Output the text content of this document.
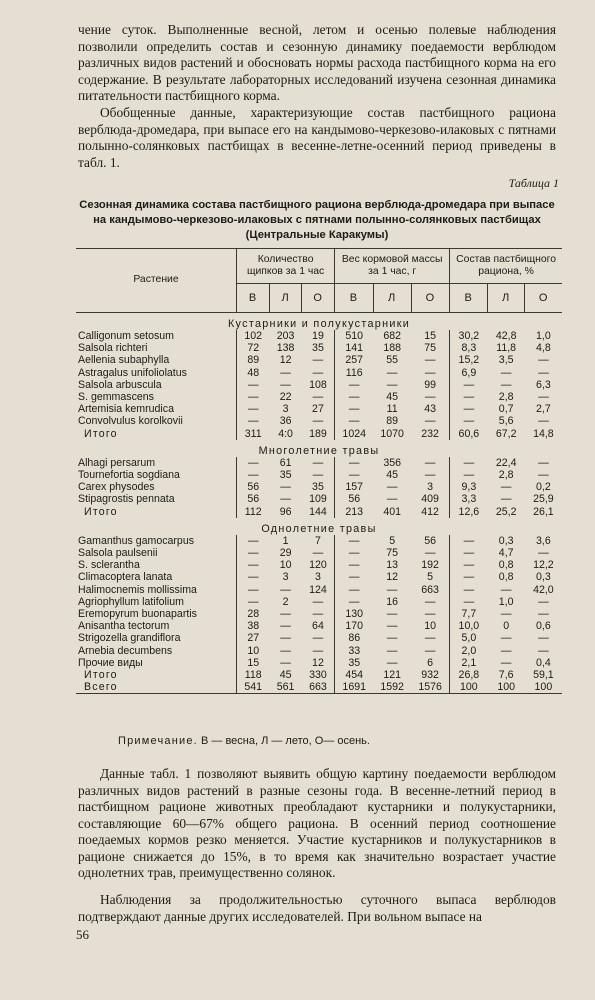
чение суток. Выполненные весной, летом и осенью полевые наблюдения позволили определить состав и сезонную динамику поедаемости верблюдом различных видов растений и обосновать нормы расхода пастбищного корма на его содержание. В результате лабораторных исследований изучена сезонная динамика питательности пастбищного корма.
Обобщенные данные, характеризующие состав пастбищного рациона верблюда-дромедара, при выпасе его на кандымово-черкезово-илаковых с пятнами полынно-солянковых пастбищах в весенне-летне-осенний период приведены в табл. 1.
Таблица 1
Сезонная динамика состава пастбищного рациона верблюда-дромедара при выпасе на кандымово-черкезово-илаковых с пятнами полынно-солянковых пастбищах
(Центральные Каракумы)
Растение	Количество щипков за 1 час			Вес кормовой массы за 1 час, г			Состав пастбищного рациона, %		
	В	Л	О	В	Л	О	В	Л	О
Кустарники и полукустарники									
Calligonum setosum	102	203	19	510	682	15	30,2	42,8	1,0
Salsola richteri	72	138	35	141	188	75	8,3	11,8	4,8
Aellenia subaphylla	89	12	—	257	55	—	15,2	3,5	—
Astragalus unifoliolatus	48	—	—	116	—	—	6,9	—	—
Salsola arbuscula	—	—	108	—	—	99	—	—	6,3
S. gemmascens	—	22	—	—	45	—	—	2,8	—
Artemisia kemrudica	—	3	27	—	11	43	—	0,7	2,7
Convolvulus korolkovii	—	36	—	—	89	—	—	5,6	—
Итого	311	4:0	189	1024	1070	232	60,6	67,2	14,8
Многолетние травы									
Alhagi persarum	—	61	—	—	356	—	—	22,4	—
Tournefortia sogdiana	—	35	—	—	45	—	—	2,8	—
Carex physodes	56	—	35	157	—	3	9,3	—	0,2
Stipagrostis pennata	56	—	109	56	—	409	3,3	—	25,9
Итого	112	96	144	213	401	412	12,6	25,2	26,1
Однолетние травы									
Gamanthus gamocarpus	—	1	7	—	5	56	—	0,3	3,6
Salsola paulsenii	—	29	—	—	75	—	—	4,7	—
S. sclerantha	—	10	120	—	13	192	—	0,8	12,2
Climacoptera lanata	—	3	3	—	12	5	—	0,8	0,3
Halimocnemis mollissima	—	—	124	—	—	663	—	—	42,0
Agriophyllum latifolium	—	2	—	—	16	—	—	1,0	—
Eremopyrum buonapartis	28	—	—	130	—	—	7,7	—	—
Anisantha tectorum	38	—	64	170	—	10	10,0	0	0,6
Strigozella grandiflora	27	—	—	86	—	—	5,0	—	—
Arnebia decumbens	10	—	—	33	—	—	2,0	—	—
Прочие виды	15	—	12	35	—	6	2,1	—	0,4
Итого	118	45	330	454	121	932	26,8	7,6	59,1
Всего	541	561	663	1691	1592	1576	100	100	100
Примечание. В — весна, Л — лето, О— осень.
Данные табл. 1 позволяют выявить общую картину поедаемости верблюдом различных видов растений в разные сезоны года. В весенне-летний период в пастбищном рационе животных преобладают кустарники и полукустарники, составляющие 60—67% общего рациона. В осенний период соотношение поедаемых кормов резко меняется. Участие кустарников и полукустарников в рационе снижается до 15%, в то время как значительно возрастает участие однолетних трав, преимущественно солянок.
Наблюдения за продолжительностью суточного выпаса верблюдов подтверждают данные других исследователей. При вольном выпасе на
56
